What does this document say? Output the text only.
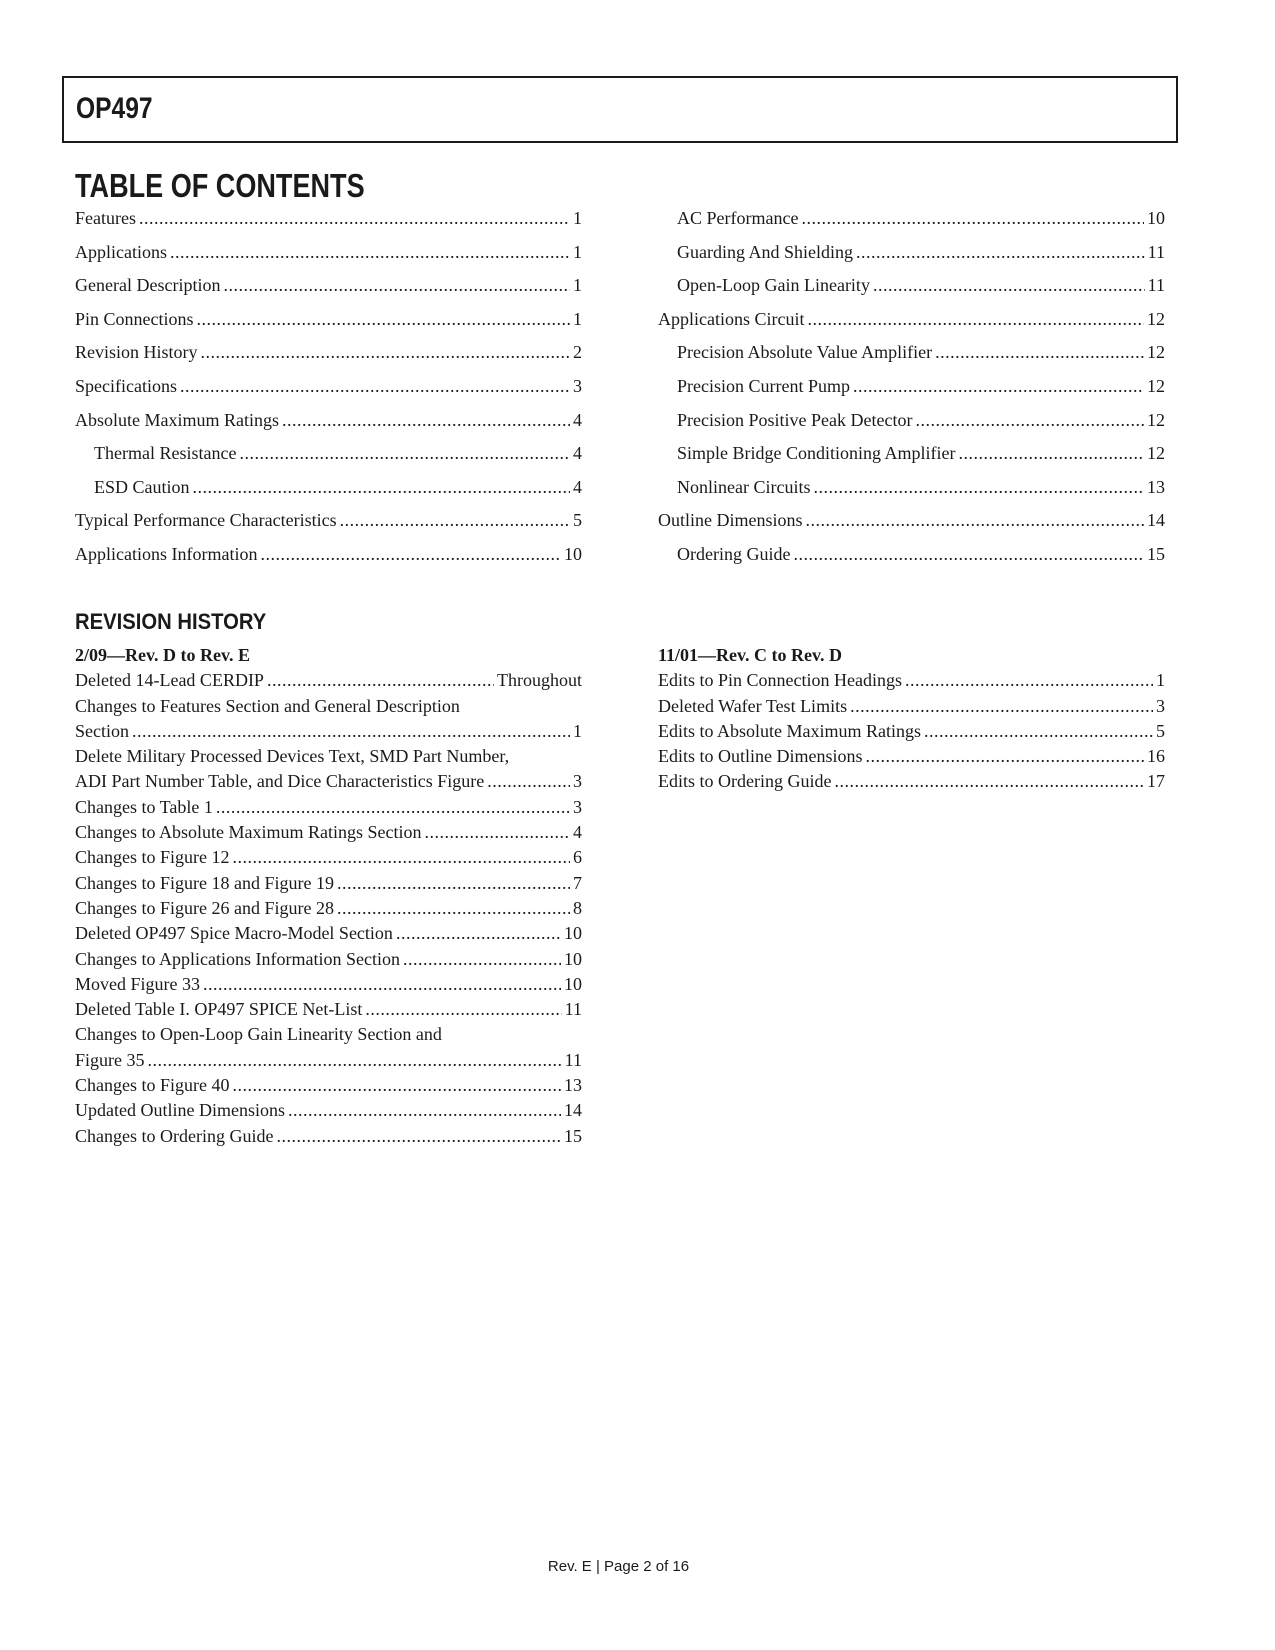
OP497
TABLE OF CONTENTS
Features .....	1
Applications .....	1
General Description .....	1
Pin Connections .....	1
Revision History .....	2
Specifications .....	3
Absolute Maximum Ratings .....	4
Thermal Resistance .....	4
ESD Caution .....	4
Typical Performance Characteristics .....	5
Applications Information .....	10
AC Performance .....	10
Guarding And Shielding .....	11
Open-Loop Gain Linearity .....	11
Applications Circuit .....	12
Precision Absolute Value Amplifier .....	12
Precision Current Pump .....	12
Precision Positive Peak Detector .....	12
Simple Bridge Conditioning Amplifier .....	12
Nonlinear Circuits .....	13
Outline Dimensions .....	14
Ordering Guide .....	15
REVISION HISTORY
2/09—Rev. D to Rev. E
Deleted 14-Lead CERDIP .....	Throughout
Changes to Features Section and General Description
Section .....	1
Delete Military Processed Devices Text, SMD Part Number,
ADI Part Number Table, and Dice Characteristics Figure .....	3
Changes to Table 1 .....	3
Changes to Absolute Maximum Ratings Section .....	4
Changes to Figure 12 .....	6
Changes to Figure 18 and Figure 19 .....	7
Changes to Figure 26 and Figure 28 .....	8
Deleted OP497 Spice Macro-Model Section .....	10
Changes to Applications Information Section .....	10
Moved Figure 33 .....	10
Deleted Table I. OP497 SPICE Net-List .....	11
Changes to Open-Loop Gain Linearity Section and
Figure 35 .....	11
Changes to Figure 40 .....	13
Updated Outline Dimensions .....	14
Changes to Ordering Guide .....	15
11/01—Rev. C to Rev. D
Edits to Pin Connection Headings .....	1
Deleted Wafer Test Limits .....	3
Edits to Absolute Maximum Ratings .....	5
Edits to Outline Dimensions .....	16
Edits to Ordering Guide .....	17
Rev. E | Page 2 of 16
